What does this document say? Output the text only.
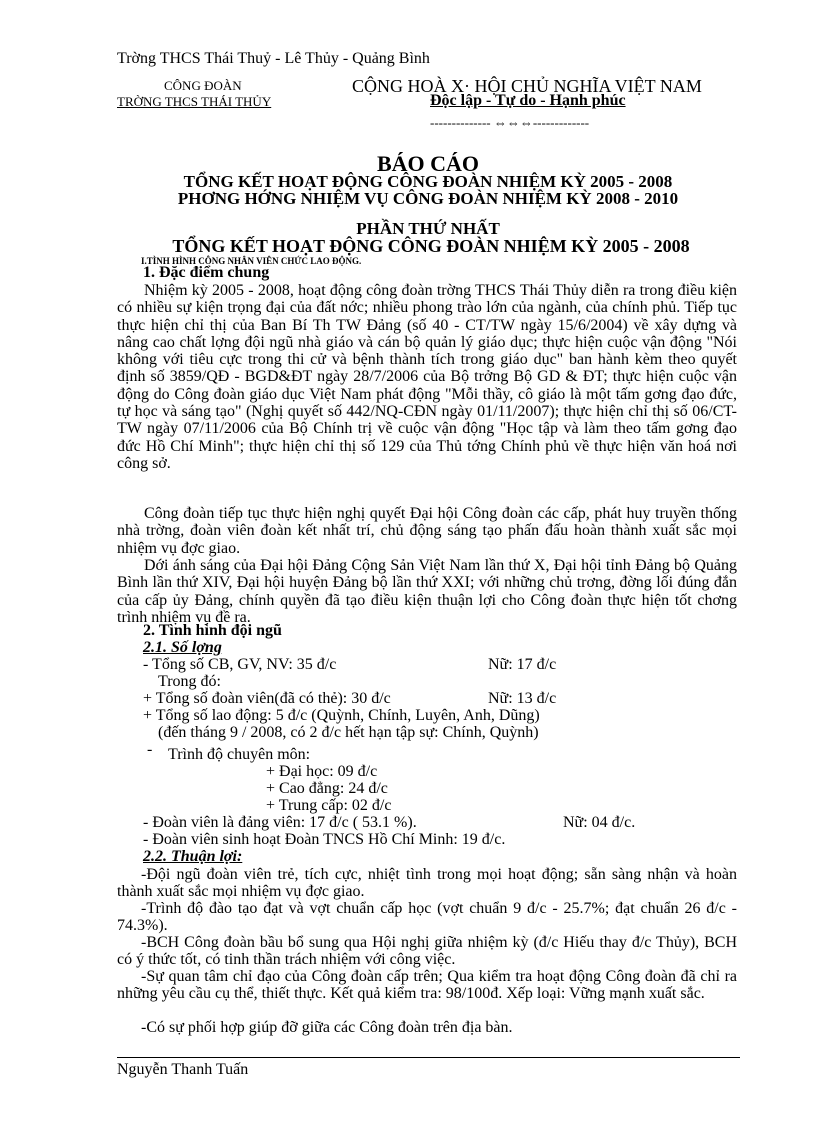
Trờng THCS Thái Thuỷ - Lê Thủy - Quảng Bình
CÔNG ĐOÀN
TRỜNG THCS THÁI THỦY
CỘNG HOÀ X· HỘI CHỦ NGHĨA VIỆT NAM
Độc lập - Tự do - Hạnh phúc
-------------- ⇔⇔⇔-------------
BÁO CÁO
TỔNG KẾT HOẠT ĐỘNG CÔNG ĐOÀN NHIỆM KỲ 2005 - 2008
PHƠNG HỚNG NHIỆM VỤ CÔNG ĐOÀN NHIỆM KỲ 2008 - 2010
PHẦN THỨ NHẤT
TỔNG KẾT HOẠT ĐỘNG CÔNG ĐOÀN NHIỆM KỲ 2005 - 2008
I.TÌNH HÌNH CÔNG NHÂN VIÊN CHỨC LAO ĐỘNG.
1. Đặc điểm chung
Nhiệm kỳ 2005 - 2008, hoạt động công đoàn trờng THCS Thái Thủy diễn ra trong điều kiện có nhiều sự kiện trọng đại của đất nớc; nhiều phong trào lớn của ngành, của chính phủ. Tiếp tục thực hiện chỉ thị của Ban Bí Th TW Đảng (số 40 - CT/TW ngày 15/6/2004) về xây dựng và nâng cao chất lợng đội ngũ nhà giáo và cán bộ quản lý giáo dục; thực hiện cuộc vận động "Nói không với tiêu cực trong thi cử và bệnh thành tích trong giáo dục" ban hành kèm theo quyết định số 3859/QĐ - BGD&ĐT ngày 28/7/2006 của Bộ trởng Bộ GD & ĐT; thực hiện cuộc vận động do Công đoàn giáo dục Việt Nam phát động "Mỗi thầy, cô giáo là một tấm gơng đạo đức, tự học và sáng tạo" (Nghị quyết số 442/NQ-CĐN ngày 01/11/2007); thực hiện chỉ thị số 06/CT-TW ngày 07/11/2006 của Bộ Chính trị về cuộc vận động "Học tập và làm theo tấm gơng đạo đức Hồ Chí Minh"; thực hiện chỉ thị số 129 của Thủ tớng Chính phủ về thực hiện văn hoá nơi công sở.
Công đoàn tiếp tục thực hiện nghị quyết Đại hội Công đoàn các cấp, phát huy truyền thống nhà trờng, đoàn viên đoàn kết nhất trí, chủ động sáng tạo phấn đấu hoàn thành xuất sắc mọi nhiệm vụ đợc giao.
Dới ánh sáng của Đại hội Đảng Cộng Sản Việt Nam lần thứ X, Đại hội tỉnh Đảng bộ Quảng Bình lần thứ XIV, Đại hội huyện Đảng bộ lần thứ XXI; với những chủ trơng, đờng lối đúng đắn của cấp ủy Đảng, chính quyền đã tạo điều kiện thuận lợi cho Công đoàn thực hiện tốt chơng trình nhiệm vụ đề ra.
2. Tình hình đội ngũ
2.1. Số lợng
- Tổng số CB, GV, NV: 35 đ/c	Nữ: 17 đ/c
Trong đó:
+ Tổng số đoàn viên(đã có thẻ): 30 đ/c	Nữ: 13 đ/c
+ Tổng số lao động: 5 đ/c (Quỳnh, Chính, Luyên, Anh, Dũng)
(đến tháng 9 / 2008, có 2 đ/c hết hạn tập sự: Chính, Quỳnh)
- Trình độ chuyên môn:
+ Đại học: 09 đ/c
+ Cao đẳng: 24 đ/c
+ Trung cấp: 02 đ/c
- Đoàn viên là đảng viên: 17 đ/c ( 53.1 %).	Nữ: 04 đ/c.
- Đoàn viên sinh hoạt Đoàn TNCS Hồ Chí Minh: 19 đ/c.
2.2. Thuận lợi:
-Đội ngũ đoàn viên trẻ, tích cực, nhiệt tình trong mọi hoạt động; sẵn sàng nhận và hoàn thành xuất sắc mọi nhiệm vụ đợc giao.
-Trình độ đào tạo đạt và vợt chuẩn cấp học (vợt chuẩn 9 đ/c - 25.7%; đạt chuẩn 26 đ/c - 74.3%).
-BCH Công đoàn bầu bổ sung qua Hội nghị giữa nhiệm kỳ (đ/c Hiếu thay đ/c Thủy), BCH có ý thức tốt, có tinh thần trách nhiệm với công việc.
-Sự quan tâm chỉ đạo của Công đoàn cấp trên; Qua kiểm tra hoạt động Công đoàn đã chỉ ra những yêu cầu cụ thể, thiết thực. Kết quả kiểm tra: 98/100đ. Xếp loại: Vững mạnh xuất sắc.
-Có sự phối hợp giúp đỡ giữa các Công đoàn trên địa bàn.
Nguyễn Thanh Tuấn
